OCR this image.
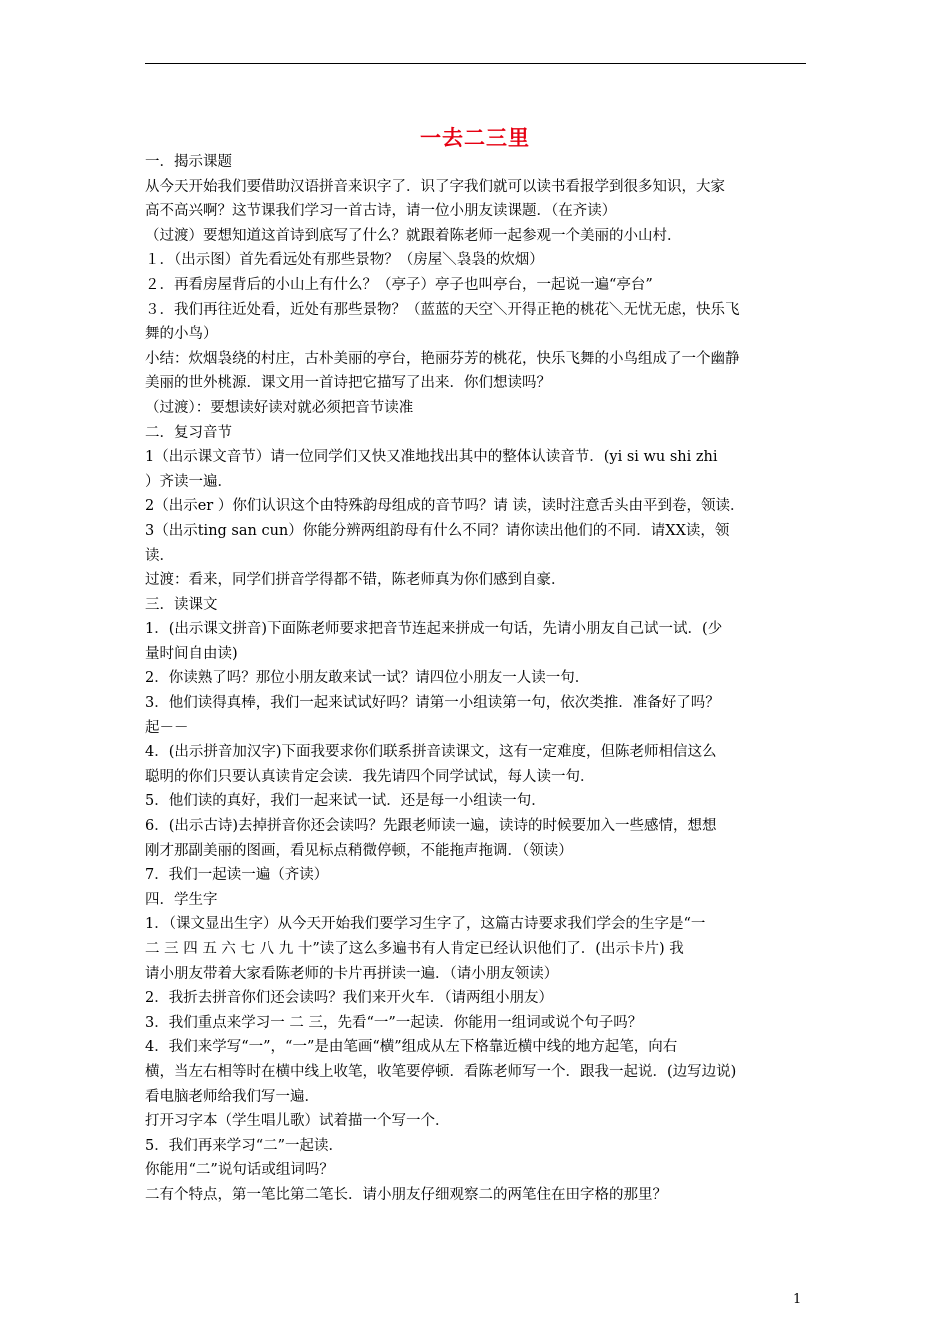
一去二三里
一．揭示课题
从今天开始我们要借助汉语拼音来识字了．识了字我们就可以读书看报学到很多知识，大家
高不高兴啊？这节课我们学习一首古诗，请一位小朋友读课题．（在齐读）
（过渡）要想知道这首诗到底写了什么？就跟着陈老师一起参观一个美丽的小山村．
１．（出示图）首先看远处有那些景物？（房屋＼袅袅的炊烟）
２．再看房屋背后的小山上有什么？（亭子）亭子也叫亭台，一起说一遍“亭台”
３．我们再往近处看，近处有那些景物？（蓝蓝的天空＼开得正艳的桃花＼无忧无虑，快乐飞
舞的小鸟）
小结：炊烟袅绕的村庄，古朴美丽的亭台，艳丽芬芳的桃花，快乐飞舞的小鸟组成了一个幽静
美丽的世外桃源．课文用一首诗把它描写了出来．你们想读吗？
（过渡）：要想读好读对就必须把音节读准
二．复习音节
1（出示课文音节）请一位同学们又快又准地找出其中的整体认读音节．(yi si wu shi zhi
）齐读一遍．
2（出示er ）你们认识这个由特殊韵母组成的音节吗？请 读，读时注意舌头由平到卷，领读．
3（出示ting san cun）你能分辨两组韵母有什么不同？请你读出他们的不同．请XX读，领
读．
过渡：看来，同学们拼音学得都不错，陈老师真为你们感到自豪．
三．读课文
1．(出示课文拼音)下面陈老师要求把音节连起来拼成一句话，先请小朋友自己试一试．(少
量时间自由读)
2．你读熟了吗？那位小朋友敢来试一试？请四位小朋友一人读一句．
3．他们读得真棒，我们一起来试试好吗？请第一小组读第一句，依次类推．准备好了吗？
起－－
4．(出示拼音加汉字)下面我要求你们联系拼音读课文，这有一定难度，但陈老师相信这么
聪明的你们只要认真读肯定会读．我先请四个同学试试，每人读一句．
5．他们读的真好，我们一起来试一试．还是每一小组读一句．
6．(出示古诗)去掉拼音你还会读吗？先跟老师读一遍，读诗的时候要加入一些感情，想想
刚才那副美丽的图画，看见标点稍微停顿，不能拖声拖调．（领读）
7．我们一起读一遍（齐读）
四．学生字
1．（课文显出生字）从今天开始我们要学习生字了，这篇古诗要求我们学会的生字是“一
二 三 四 五 六 七 八 九 十”读了这么多遍书有人肯定已经认识他们了．(出示卡片) 我
请小朋友带着大家看陈老师的卡片再拼读一遍．（请小朋友领读）
2．我折去拼音你们还会读吗？我们来开火车．（请两组小朋友）
3．我们重点来学习一 二 三，先看“一”一起读．你能用一组词或说个句子吗？
4．我们来学写“一”，“一”是由笔画“横”组成从左下格靠近横中线的地方起笔，向右
横，当左右相等时在横中线上收笔，收笔要停顿．看陈老师写一个．跟我一起说．(边写边说)
看电脑老师给我们写一遍．
打开习字本（学生唱儿歌）试着描一个写一个．
5．我们再来学习“二”一起读．
你能用“二”说句话或组词吗？
二有个特点，第一笔比第二笔长．请小朋友仔细观察二的两笔住在田字格的那里？
1
